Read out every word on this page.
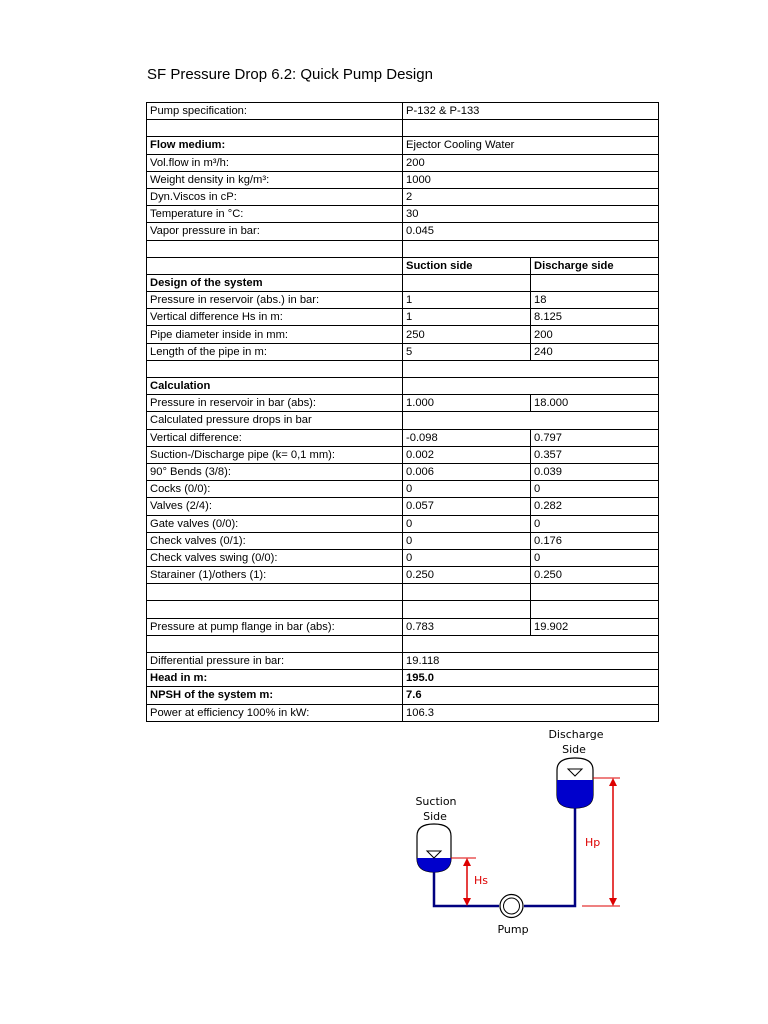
SF Pressure Drop 6.2: Quick Pump Design
Pump specification:	P-132 & P-133	

Flow medium:	Ejector Cooling Water	
Vol.flow in m³/h:	200	
Weight density in kg/m³:	1000	
Dyn.Viscos in cP:	2	
Temperature in °C:	30	
Vapor pressure in bar:	0.045	

	Suction side	Discharge side
Design of the system		
Pressure in reservoir (abs.) in bar:	1	18
Vertical difference Hs in m:	1	8.125
Pipe diameter inside in mm:	250	200
Length of the pipe in m:	5	240

Calculation		
Pressure in reservoir in bar (abs):	1.000	18.000
Calculated pressure drops in bar		
Vertical difference:	-0.098	0.797
Suction-/Discharge pipe (k= 0,1 mm):	0.002	0.357
90° Bends (3/8):	0.006	0.039
Cocks (0/0):	0	0
Valves (2/4):	0.057	0.282
Gate valves (0/0):	0	0
Check valves (0/1):	0	0.176
Check valves swing (0/0):	0	0
Starainer (1)/others (1):	0.250	0.250

Pressure at pump flange in bar (abs):	0.783	19.902

Differential pressure in bar:	19.118	
Head in m:	195.0	
NPSH of the system m:	7.6	
Power at efficiency 100% in kW:	106.3	
Discharge
Side
Suction
Side
Hs
Hp
Pump
